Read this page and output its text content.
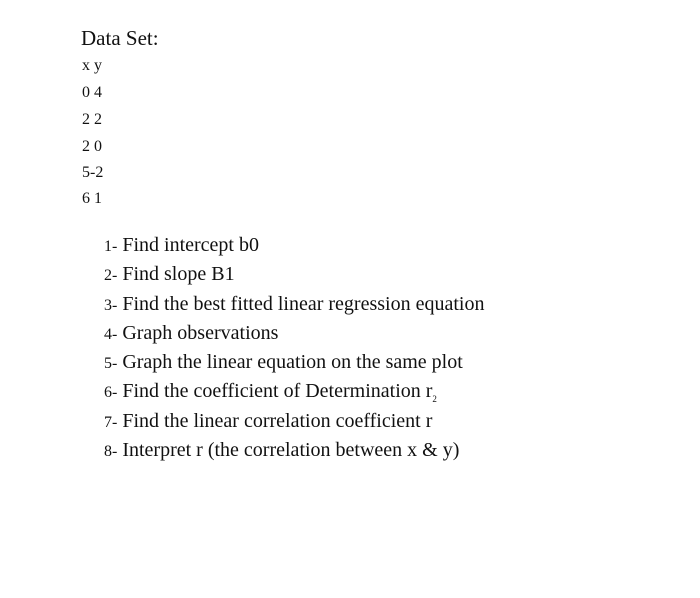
Data Set:
x y
0 4
2 2
2 0
5-2
6 1
1- Find intercept b0
2- Find slope B1
3- Find the best fitted linear regression equation
4- Graph observations
5- Graph the linear equation on the same plot
6- Find the coefficient of Determination $r_2$
7- Find the linear correlation coefficient r
8- Interpret r (the correlation between x & y)
